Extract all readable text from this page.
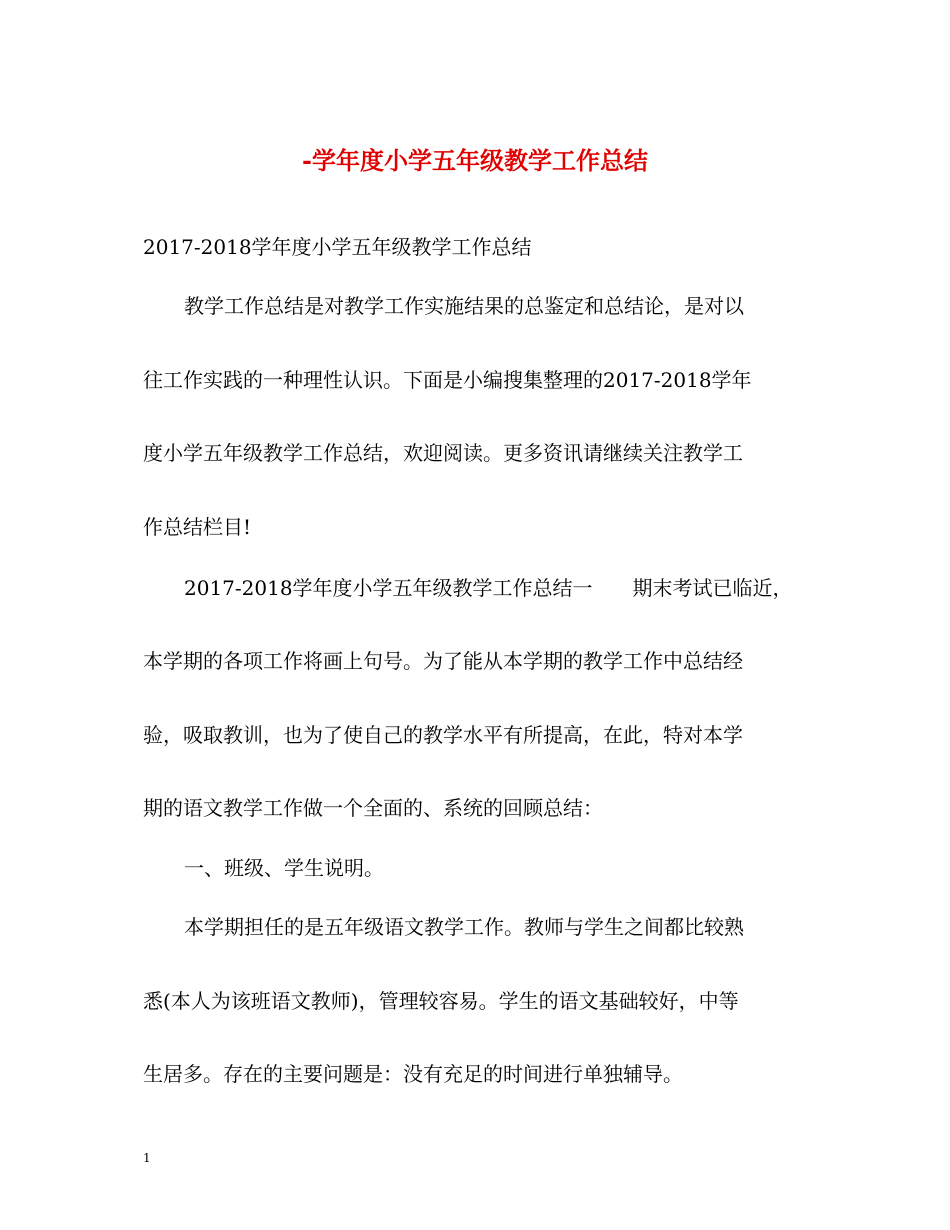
-学年度小学五年级教学工作总结
2017-2018学年度小学五年级教学工作总结
教学工作总结是对教学工作实施结果的总鉴定和总结论，是对以
往工作实践的一种理性认识。下面是小编搜集整理的2017-2018学年
度小学五年级教学工作总结，欢迎阅读。更多资讯请继续关注教学工
作总结栏目!
2017-2018学年度小学五年级教学工作总结一　　期末考试已临近，
本学期的各项工作将画上句号。为了能从本学期的教学工作中总结经
验，吸取教训，也为了使自己的教学水平有所提高，在此，特对本学
期的语文教学工作做一个全面的、系统的回顾总结：
一、班级、学生说明。
本学期担任的是五年级语文教学工作。教师与学生之间都比较熟
悉(本人为该班语文教师)，管理较容易。学生的语文基础较好，中等
生居多。存在的主要问题是：没有充足的时间进行单独辅导。
1
